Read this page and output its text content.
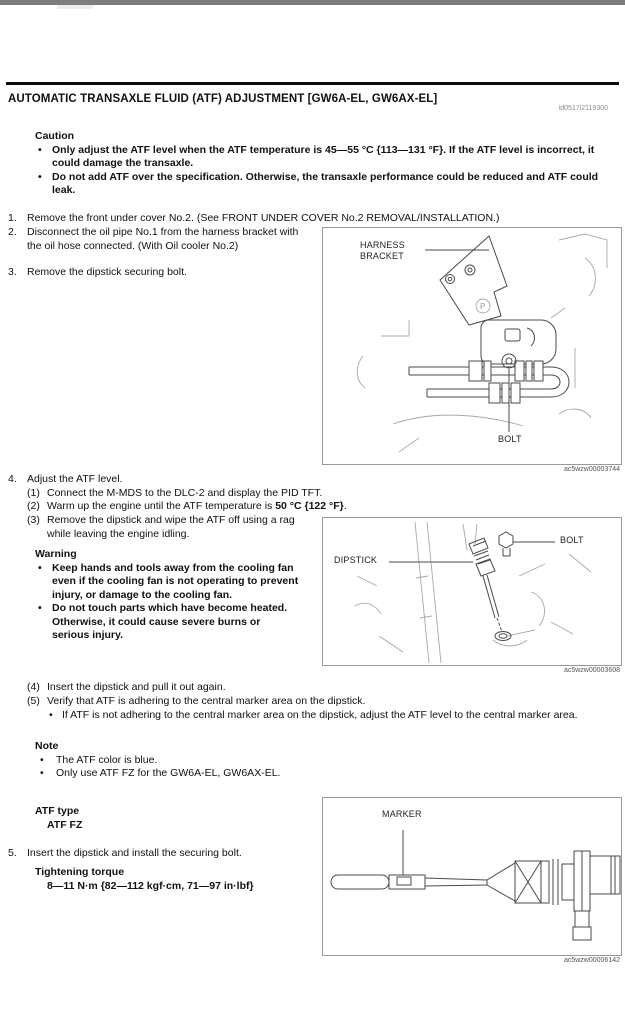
AUTOMATIC TRANSAXLE FLUID (ATF) ADJUSTMENT [GW6A-EL, GW6AX-EL]
id0517i2119300
Caution
•
Only adjust the ATF level when the ATF temperature is 45—55 °C {113—131 °F}. If the ATF level is incorrect, it could damage the transaxle.
•
Do not add ATF over the specification. Otherwise, the transaxle performance could be reduced and ATF could leak.
1. Remove the front under cover No.2. (See FRONT UNDER COVER No.2 REMOVAL/INSTALLATION.)
2. Disconnect the oil pipe No.1 from the harness bracket with the oil hose connected. (With Oil cooler No.2)
3. Remove the dipstick securing bolt.
P
HARNESS BRACKET
BOLT
ac5wzw00003744
4. Adjust the ATF level.
(1) Connect the M-MDS to the DLC-2 and display the PID TFT.
(2) Warm up the engine until the ATF temperature is 50 °C {122 °F}.
(3) Remove the dipstick and wipe the ATF off using a rag while leaving the engine idling.
Warning
•
Keep hands and tools away from the cooling fan even if the cooling fan is not operating to prevent injury, or damage to the cooling fan.
•
Do not touch parts which have become heated. Otherwise, it could cause severe burns or serious injury.
DIPSTICK
BOLT
ac5wzw00003608
(4) Insert the dipstick and pull it out again.
(5) Verify that ATF is adhering to the central marker area on the dipstick.
•
If ATF is not adhering to the central marker area on the dipstick, adjust the ATF level to the central marker area.
Note
•
The ATF color is blue.
•
Only use ATF FZ for the GW6A-EL, GW6AX-EL.
ATF type
ATF FZ
5. Insert the dipstick and install the securing bolt.
Tightening torque
8—11 N·m {82—112 kgf·cm, 71—97 in·lbf}
MARKER
ac5wzw00006142
